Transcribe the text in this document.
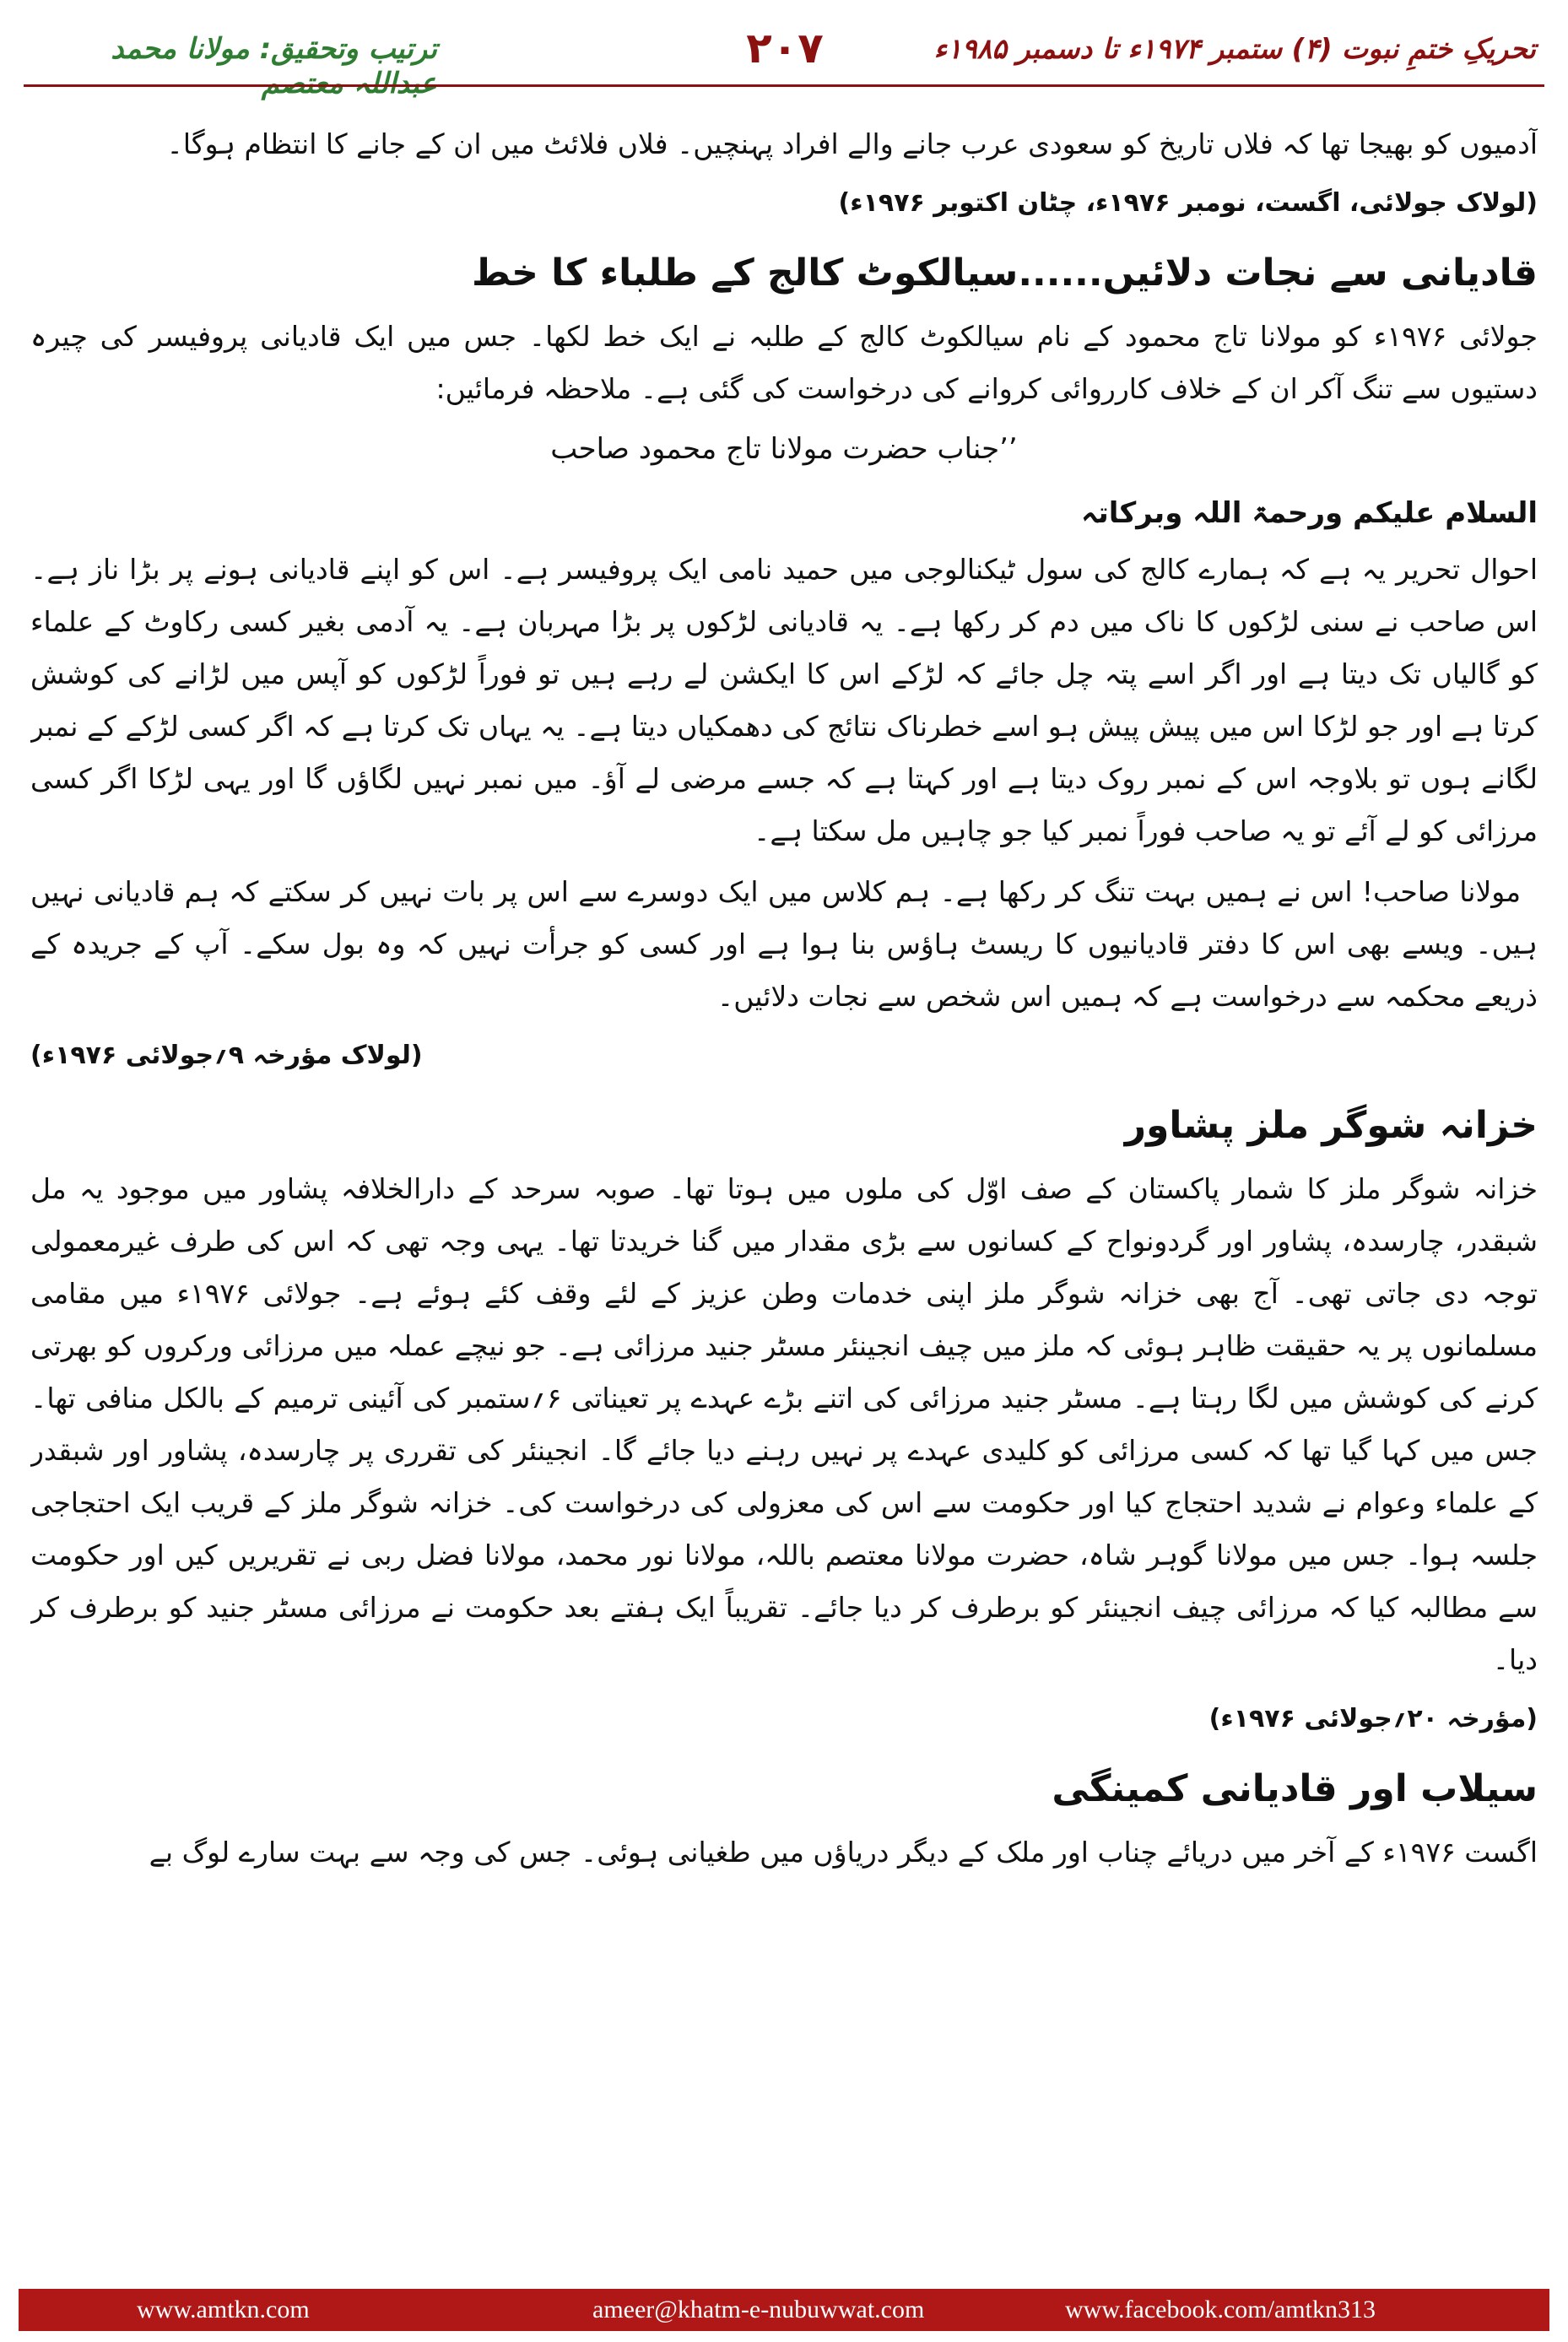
تحریکِ ختمِ نبوت (۴) ستمبر ۱۹۷۴ء تا دسمبر ۱۹۸۵ء
۲۰۷
ترتیب وتحقیق: مولانا محمد عبداللہ معتصم

آدمیوں کو بھیجا تھا کہ فلاں تاریخ کو سعودی عرب جانے والے افراد پہنچیں۔ فلاں فلائٹ میں ان کے جانے کا انتظام ہوگا۔

(لولاک جولائی، اگست، نومبر ۱۹۷۶ء، چٹان اکتوبر ۱۹۷۶ء)

قادیانی سے نجات دلائیں......سیالکوٹ کالج کے طلباء کا خط

جولائی ۱۹۷۶ء کو مولانا تاج محمود کے نام سیالکوٹ کالج کے طلبہ نے ایک خط لکھا۔ جس میں ایک قادیانی پروفیسر کی چیرہ دستیوں سے تنگ آکر ان کے خلاف کارروائی کروانے کی درخواست کی گئی ہے۔ ملاحظہ فرمائیں:

’’جناب حضرت مولانا تاج محمود صاحب

السلام علیکم ورحمۃ اللہ وبرکاتہ

احوال تحریر یہ ہے کہ ہمارے کالج کی سول ٹیکنالوجی میں حمید نامی ایک پروفیسر ہے۔ اس کو اپنے قادیانی ہونے پر بڑا ناز ہے۔ اس صاحب نے سنی لڑکوں کا ناک میں دم کر رکھا ہے۔ یہ قادیانی لڑکوں پر بڑا مہربان ہے۔ یہ آدمی بغیر کسی رکاوٹ کے علماء کو گالیاں تک دیتا ہے اور اگر اسے پتہ چل جائے کہ لڑکے اس کا ایکشن لے رہے ہیں تو فوراً لڑکوں کو آپس میں لڑانے کی کوشش کرتا ہے اور جو لڑکا اس میں پیش پیش ہو اسے خطرناک نتائج کی دھمکیاں دیتا ہے۔ یہ یہاں تک کرتا ہے کہ اگر کسی لڑکے کے نمبر لگانے ہوں تو بلاوجہ اس کے نمبر روک دیتا ہے اور کہتا ہے کہ جسے مرضی لے آؤ۔ میں نمبر نہیں لگاؤں گا اور یہی لڑکا اگر کسی مرزائی کو لے آئے تو یہ صاحب فوراً نمبر کیا جو چاہیں مل سکتا ہے۔

مولانا صاحب! اس نے ہمیں بہت تنگ کر رکھا ہے۔ ہم کلاس میں ایک دوسرے سے اس پر بات نہیں کر سکتے کہ ہم قادیانی نہیں ہیں۔ ویسے بھی اس کا دفتر قادیانیوں کا ریسٹ ہاؤس بنا ہوا ہے اور کسی کو جرأت نہیں کہ وہ بول سکے۔ آپ کے جریدہ کے ذریعے محکمہ سے درخواست ہے کہ ہمیں اس شخص سے نجات دلائیں۔

(لولاک مؤرخہ ۹؍جولائی ۱۹۷۶ء)

خزانہ شوگر ملز پشاور

خزانہ شوگر ملز کا شمار پاکستان کے صف اوّل کی ملوں میں ہوتا تھا۔ صوبہ سرحد کے دارالخلافہ پشاور میں موجود یہ مل شبقدر، چارسدہ، پشاور اور گردونواح کے کسانوں سے بڑی مقدار میں گنا خریدتا تھا۔ یہی وجہ تھی کہ اس کی طرف غیرمعمولی توجہ دی جاتی تھی۔ آج بھی خزانہ شوگر ملز اپنی خدمات وطن عزیز کے لئے وقف کئے ہوئے ہے۔ جولائی ۱۹۷۶ء میں مقامی مسلمانوں پر یہ حقیقت ظاہر ہوئی کہ ملز میں چیف انجینئر مسٹر جنید مرزائی ہے۔ جو نیچے عملہ میں مرزائی ورکروں کو بھرتی کرنے کی کوشش میں لگا رہتا ہے۔ مسٹر جنید مرزائی کی اتنے بڑے عہدے پر تعیناتی ۶؍ستمبر کی آئینی ترمیم کے بالکل منافی تھا۔ جس میں کہا گیا تھا کہ کسی مرزائی کو کلیدی عہدے پر نہیں رہنے دیا جائے گا۔ انجینئر کی تقرری پر چارسدہ، پشاور اور شبقدر کے علماء وعوام نے شدید احتجاج کیا اور حکومت سے اس کی معزولی کی درخواست کی۔ خزانہ شوگر ملز کے قریب ایک احتجاجی جلسہ ہوا۔ جس میں مولانا گوہر شاہ، حضرت مولانا معتصم باللہ، مولانا نور محمد، مولانا فضل ربی نے تقریریں کیں اور حکومت سے مطالبہ کیا کہ مرزائی چیف انجینئر کو برطرف کر دیا جائے۔ تقریباً ایک ہفتے بعد حکومت نے مرزائی مسٹر جنید کو برطرف کر دیا۔

(مؤرخہ ۲۰؍جولائی ۱۹۷۶ء)

سیلاب اور قادیانی کمینگی

اگست ۱۹۷۶ء کے آخر میں دریائے چناب اور ملک کے دیگر دریاؤں میں طغیانی ہوئی۔ جس کی وجہ سے بہت سارے لوگ بے

www.amtkn.com	ameer@khatm-e-nubuwwat.com	www.facebook.com/amtkn313
